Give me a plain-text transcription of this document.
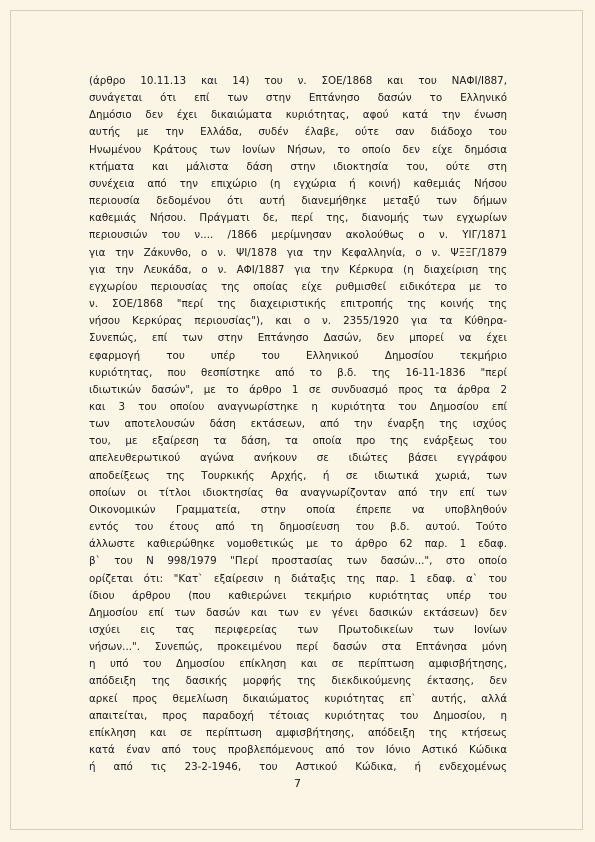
(άρθρο 10.11.13 και 14) του ν. ΣΟΕ/1868 και του ΝΑΦΙ/Ι887,
συνάγεται ότι επί των στην Επτάνησο δασών το Ελληνικό
Δημόσιο δεν έχει δικαιώματα κυριότητας, αφού κατά την ένωση
αυτής με την Ελλάδα, συδέν έλαβε, ούτε σαν διάδοχο του
Ηνωμένου Κράτους των Ιονίων Νήσων, το οποίο δεν είχε δημόσια
κτήματα και μάλιστα δάση στην ιδιοκτησία του, ούτε στη
συνέχεια από την επιχώριο (η εγχώρια ή κοινή) καθεμιάς Νήσου
περιουσία δεδομένου ότι αυτή διανεμήθηκε μεταξύ των δήμων
καθεμιάς Νήσου. Πράγματι δε, περί της, διανομής των εγχωρίων
περιουσιών του ν.... /1866 μερίμνησαν ακολούθως ο ν. ΥΙΓ/1871
για την Ζάκυνθο, ο ν. ΨΙ/1878 για την Κεφαλληνία, ο ν. ΨΞΞΓ/1879
για την Λευκάδα, ο ν. ΑΦΙ/1887 για την Κέρκυρα (η διαχείριση της
εγχωρίου περιουσίας της οποίας είχε ρυθμισθεί ειδικότερα με το
ν. ΣΟΕ/1868 "περί της διαχειριστικής επιτροπής της κοινής της
νήσου Κερκύρας περιουσίας"), και ο ν. 2355/1920 για τα Κύθηρα-
Συνεπώς, επί των στην Επτάνησο Δασών, δεν μπορεί να έχει
εφαρμογή του υπέρ του Ελληνικού Δημοσίου τεκμήριο
κυριότητας, που θεσπίστηκε από το β.δ. της 16-11-1836 "περί
ιδιωτικών δασών", με το άρθρο 1 σε συνδυασμό προς τα άρθρα 2
και 3 του οποίου αναγνωρίστηκε η κυριότητα του Δημοσίου επί
των αποτελουσών δάση εκτάσεων, από την έναρξη της ισχύος
του, με εξαίρεση τα δάση, τα οποία προ της ενάρξεως του
απελευθερωτικού αγώνα ανήκουν σε ιδιώτες βάσει εγγράφου
αποδείξεως της Τουρκικής Αρχής, ή σε ιδιωτικά χωριά, των
οποίων οι τίτλοι ιδιοκτησίας θα αναγνωρίζονταν από την επί των
Οικονομικών Γραμματεία, στην οποία έπρεπε να υποβληθούν
εντός του έτους από τη δημοσίευση του β.δ. αυτού. Τούτο
άλλωστε καθιερώθηκε νομοθετικώς με το άρθρο 62 παρ. 1 εδαφ.
β` του Ν 998/1979 "Περί προστασίας των δασών...", στο οποίο
ορίζεται ότι: "Κατ` εξαίρεσιν η διάταξις της παρ. 1 εδαφ. α` του
ίδιου άρθρου (που καθιερώνει τεκμήριο κυριότητας υπέρ του
Δημοσίου επί των δασών και των εν γένει δασικών εκτάσεων) δεν
ισχύει εις τας περιφερείας των Πρωτοδικείων των Ιονίων
νήσων...". Συνεπώς, προκειμένου περί δασών στα Επτάνησα μόνη
η υπό του Δημοσίου επίκληση και σε περίπτωση αμφισβήτησης,
απόδειξη της δασικής μορφής της διεκδικούμενης έκτασης, δεν
αρκεί προς θεμελίωση δικαιώματος κυριότητας επ` αυτής, αλλά
απαιτείται, προς παραδοχή τέτοιας κυριότητας του Δημοσίου, η
επίκληση και σε περίπτωση αμφισβήτησης, απόδειξη της κτήσεως
κατά έναν από τους προβλεπόμενους από τον Ιόνιο Αστικό Κώδικα
ή από τις 23-2-1946, του Αστικού Κώδικα, ή ενδεχομένως
7
